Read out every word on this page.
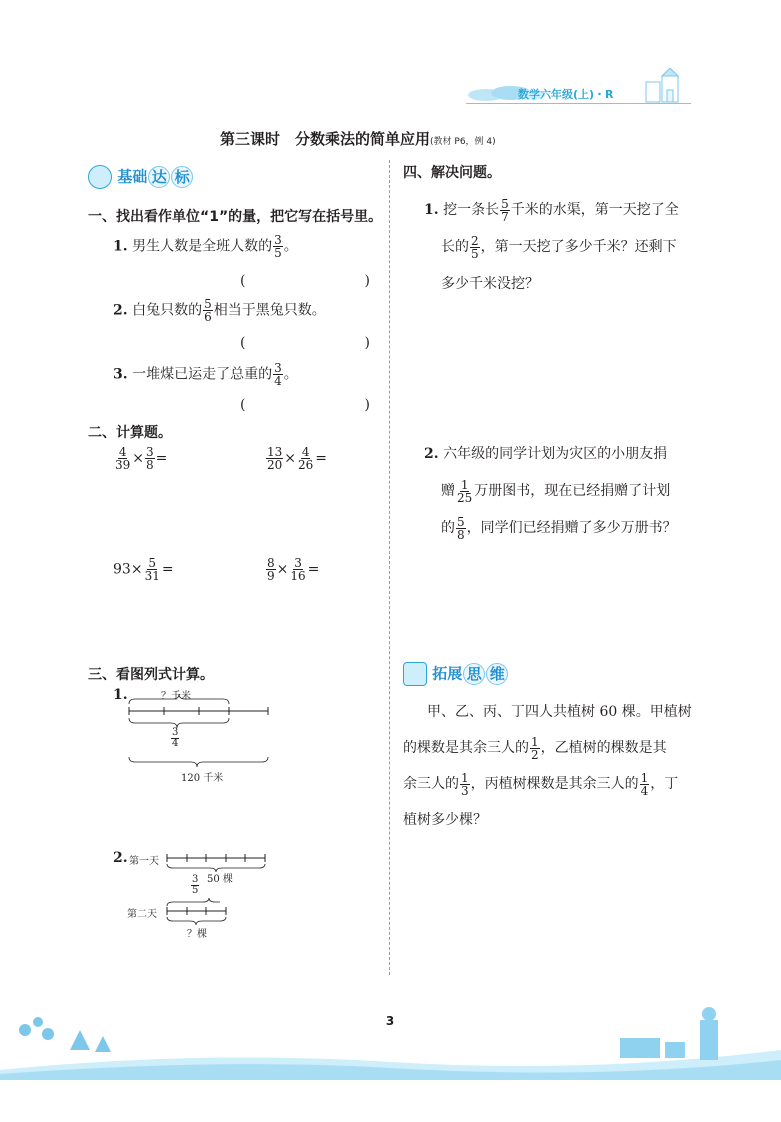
数学六年级(上)・R
第三课时　分数乘法的简单应用(教材 P6，例 4)
基础 达 标
一、找出看作单位“1”的量，把它写在括号里。
1. 男生人数是全班人数的 $\frac{3}{5}$ 。
(	)
2. 白兔只数的 $\frac{5}{6}$ 相当于黑兔只数。
(	)
3. 一堆煤已运走了总重的 $\frac{3}{4}$ 。
(	)
二、计算题。
$\frac{4}{39} \times \frac{3}{8}$ =	$\frac{13}{20} \times \frac{4}{26}$ =
$93\times \frac{5}{31}$ =	$\frac{8}{9} \times \frac{3}{16}$ =
三、看图列式计算。
1.	？千米
$\frac{3}{4}$
120 千米
2. 第一天
第二天
50 棵
$\frac{3}{5}$
？棵
四、解决问题。
1. 挖一条长 $\frac{5}{7}$ 千米的水渠，第一天挖了全
长的 $\frac{2}{5}$ ，第一天挖了多少千米？还剩下
多少千米没挖？
2. 六年级的同学计划为灾区的小朋友捐
赠 $\frac{1}{25}$ 万册图书，现在已经捐赠了计划
的 $\frac{5}{8}$ ，同学们已经捐赠了多少万册书？
拓展 思 维
甲、乙、丙、丁四人共植树 60 棵。甲植树
的棵数是其余三人的 $\frac{1}{2}$ ，乙植树的棵数是其
余三人的 $\frac{1}{3}$ ，丙植树棵数是其余三人的 $\frac{1}{4}$ ，丁
植树多少棵？
3
